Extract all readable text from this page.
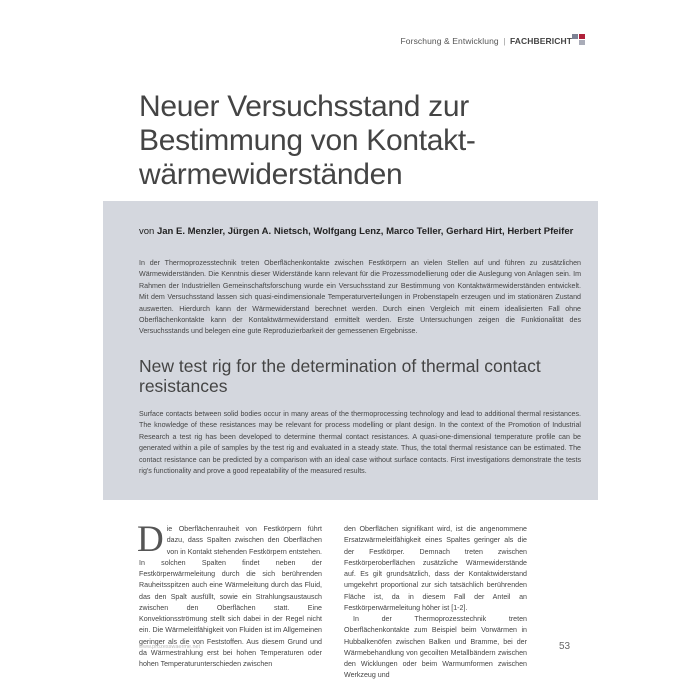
Forschung & Entwicklung | FACHBERICHT
Neuer Versuchsstand zur Bestimmung von Kontaktwärmewiderständen
von Jan E. Menzler, Jürgen A. Nietsch, Wolfgang Lenz, Marco Teller, Gerhard Hirt, Herbert Pfeifer

In der Thermoprozesstechnik treten Oberflächenkontakte zwischen Festkörpern an vielen Stellen auf und führen zu zusätzlichen Wärmewiderständen. Die Kenntnis dieser Widerstände kann relevant für die Prozessmodellierung oder die Auslegung von Anlagen sein. Im Rahmen der Industriellen Gemeinschaftsforschung wurde ein Versuchsstand zur Bestimmung von Kontaktwärmewiderständen entwickelt. Mit dem Versuchsstand lassen sich quasi-eindimensionale Temperaturverteilungen in Probenstapeln erzeugen und im stationären Zustand auswerten. Hierdurch kann der Wärmewiderstand berechnet werden. Durch einen Vergleich mit einem idealisierten Fall ohne Oberflächenkontakte kann der Kontaktwärmewiderstand ermittelt werden. Erste Untersuchungen zeigen die Funktionalität des Versuchsstands und belegen eine gute Reproduzierbarkeit der gemessenen Ergebnisse.

New test rig for the determination of thermal contact resistances

Surface contacts between solid bodies occur in many areas of the thermoprocessing technology and lead to additional thermal resistances. The knowledge of these resistances may be relevant for process modelling or plant design. In the context of the Promotion of Industrial Research a test rig has been developed to determine thermal contact resistances. A quasi-one-dimensional temperature profile can be generated within a pile of samples by the test rig and evaluated in a steady state. Thus, the total thermal resistance can be estimated. The contact resistance can be predicted by a comparison with an ideal case without surface contacts. First investigations demonstrate the tests rig's functionality and prove a good repeatability of the measured results.

Die Oberflächenrauheit von Festkörpern führt dazu, dass Spalten zwischen den Oberflächen von in Kontakt stehenden Festkörpern entstehen. In solchen Spalten findet neben der Festkörperwärmeleitung durch die sich berührenden Rauheitsspitzen auch eine Wärmeleitung durch das Fluid, das den Spalt ausfüllt, sowie ein Strahlungsaustausch zwischen den Oberflächen statt. Eine Konvektionsströmung stellt sich dabei in der Regel nicht ein. Die Wärmeleitfähigkeit von Fluiden ist im Allgemeinen geringer als die von Feststoffen. Aus diesem Grund und da Wärmestrahlung erst bei hohen Temperaturen oder hohen Temperaturunterschieden zwischen
den Oberflächen signifikant wird, ist die angenommene Ersatzwärmeleitfähigkeit eines Spaltes geringer als die der Festkörper. Demnach treten zwischen Festkörperoberflächen zusätzliche Wärmewiderstände auf. Es gilt grundsätzlich, dass der Kontaktwiderstand umgekehrt proportional zur sich tatsächlich berührenden Fläche ist, da in diesem Fall der Anteil an Festkörperwärmeleitung höher ist [1-2].
In der Thermoprozesstechnik treten Oberflächenkontakte zum Beispiel beim Vorwärmen in Hubbalkenöfen zwischen Balken und Bramme, bei der Wärmebehandlung von gecoilten Metallbändern zwischen den Wicklungen oder beim Warmumformen zwischen Werkzeug und
www.prozesswaerme.net	53
